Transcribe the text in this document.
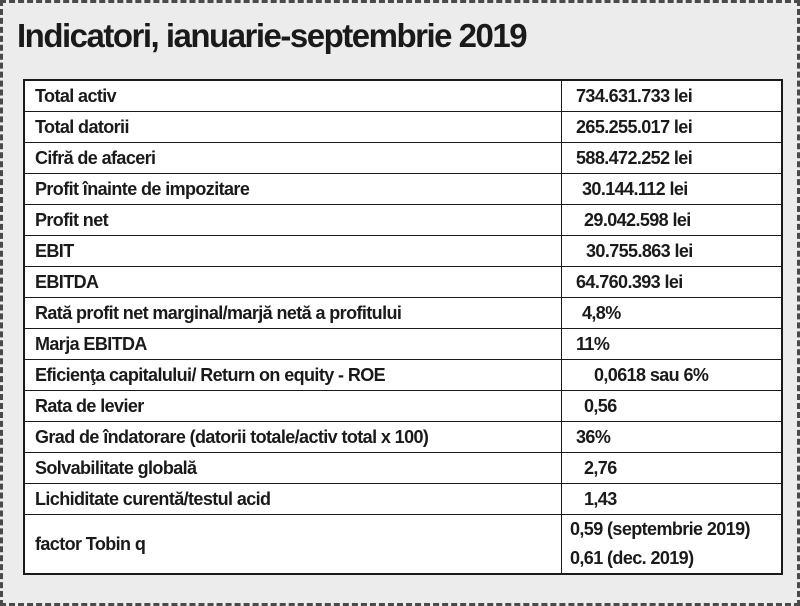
Indicatori, ianuarie-septembrie 2019
Total activ	734.631.733 lei
Total datorii	265.255.017 lei
Cifră de afaceri	588.472.252 lei
Profit înainte de impozitare	30.144.112 lei
Profit net	29.042.598 lei
EBIT	30.755.863 lei
EBITDA	64.760.393 lei
Rată profit net marginal/marjă netă a profitului	4,8%
Marja EBITDA	11%
Eficienţa capitalului/ Return on equity - ROE	0,0618 sau 6%
Rata de levier	0,56
Grad de îndatorare (datorii totale/activ total x 100)	36%
Solvabilitate globală	2,76
Lichiditate curentă/testul acid	1,43
factor Tobin q	0,59 (septembrie 2019)
0,61 (dec. 2019)
